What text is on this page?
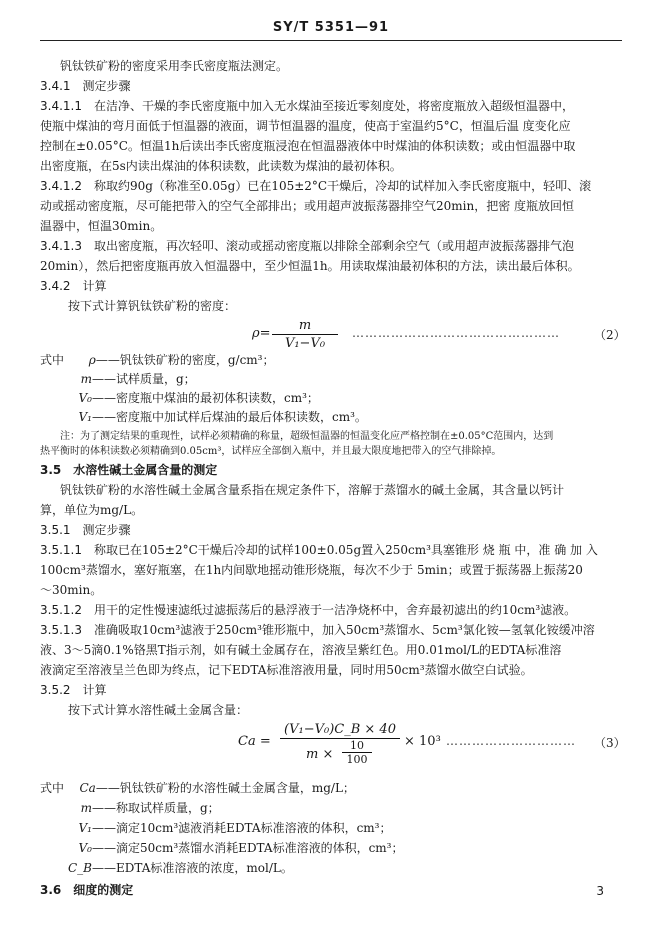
SY/T 5351—91
钒钛铁矿粉的密度采用李氏密度瓶法测定。
3.4.1 测定步骤
3.4.1.1 在洁净、干燥的李氏密度瓶中加入无水煤油至接近零刻度处，将密度瓶放入超级恒温器中，
使瓶中煤油的弯月面低于恒温器的液面，调节恒温器的温度，使高于室温约5°C，恒温后温 度变化应
控制在±0.05°C。恒温1h后读出李氏密度瓶浸泡在恒温器液体中时煤油的体积读数；或由恒温器中取
出密度瓶，在5s内读出煤油的体积读数，此读数为煤油的最初体积。
3.4.1.2 称取约90g（称准至0.05g）已在105±2°C干燥后，冷却的试样加入李氏密度瓶中，轻叩、滚
动或摇动密度瓶，尽可能把带入的空气全部排出；或用超声波振荡器排空气20min，把密 度瓶放回恒
温器中，恒温30min。
3.4.1.3 取出密度瓶，再次轻叩、滚动或摇动密度瓶以排除全部剩余空气（或用超声波振荡器排气泡
20min），然后把密度瓶再放入恒温器中，至少恒温1h。用读取煤油最初体积的方法，读出最后体积。
3.4.2 计算
按下式计算钒钛铁矿粉的密度：
$\rho= \frac{m}{\text{V₁−V₀}}$ …………………………………………	（2）
式中 ρ——钒钛铁矿粉的密度，g/cm³；
m——试样质量，g；
V₀——密度瓶中煤油的最初体积读数，cm³；
V₁——密度瓶中加试样后煤油的最后体积读数，cm³。
注：为了测定结果的重现性，试样必须精确的称量，超级恒温器的恒温变化应严格控制在±0.05°C范围内，达到
热平衡时的体积读数必须精确到0.05cm³，试样应全部倒入瓶中，并且最大限度地把带入的空气排除掉。
3.5 水溶性碱土金属含量的测定
钒钛铁矿粉的水溶性碱土金属含量系指在规定条件下，溶解于蒸馏水的碱土金属，其含量以钙计
算，单位为mg/L。
3.5.1 测定步骤
3.5.1.1 称取已在105±2°C干燥后冷却的试样100±0.05g置入250cm³具塞锥形 烧 瓶 中，准 确 加 入
100cm³蒸馏水，塞好瓶塞，在1h内间歇地摇动锥形烧瓶，每次不少于 5min；或置于振荡器上振荡20
～30min。
3.5.1.2 用干的定性慢速滤纸过滤振荡后的悬浮液于一洁净烧杯中，舍弃最初滤出的约10cm³滤液。
3.5.1.3 准确吸取10cm³滤液于250cm³锥形瓶中，加入50cm³蒸馏水、5cm³氯化铵—氢氧化铵缓冲溶
液、3～5滴0.1%铬黑T指示剂，如有碱土金属存在，溶液呈紫红色。用0.01mol/L的EDTA标准溶
液滴定至溶液呈兰色即为终点，记下EDTA标准溶液用量，同时用50cm³蒸馏水做空白试验。
3.5.2 计算
按下式计算水溶性碱土金属含量：
$Ca = \frac{\text{(V₁−V₀)C\_B × 40}}{m \times \frac{10}{100}} \times 10^3$ ………………………… （3）
式中 Ca——钒钛铁矿粉的水溶性碱土金属含量，mg/L；
m——称取试样质量，g；
V₁——滴定10cm³滤液消耗EDTA标准溶液的体积，cm³；
V₀——滴定50cm³蒸馏水消耗EDTA标准溶液的体积，cm³；
C_B——EDTA标准溶液的浓度，mol/L。
3.6 细度的测定	3
